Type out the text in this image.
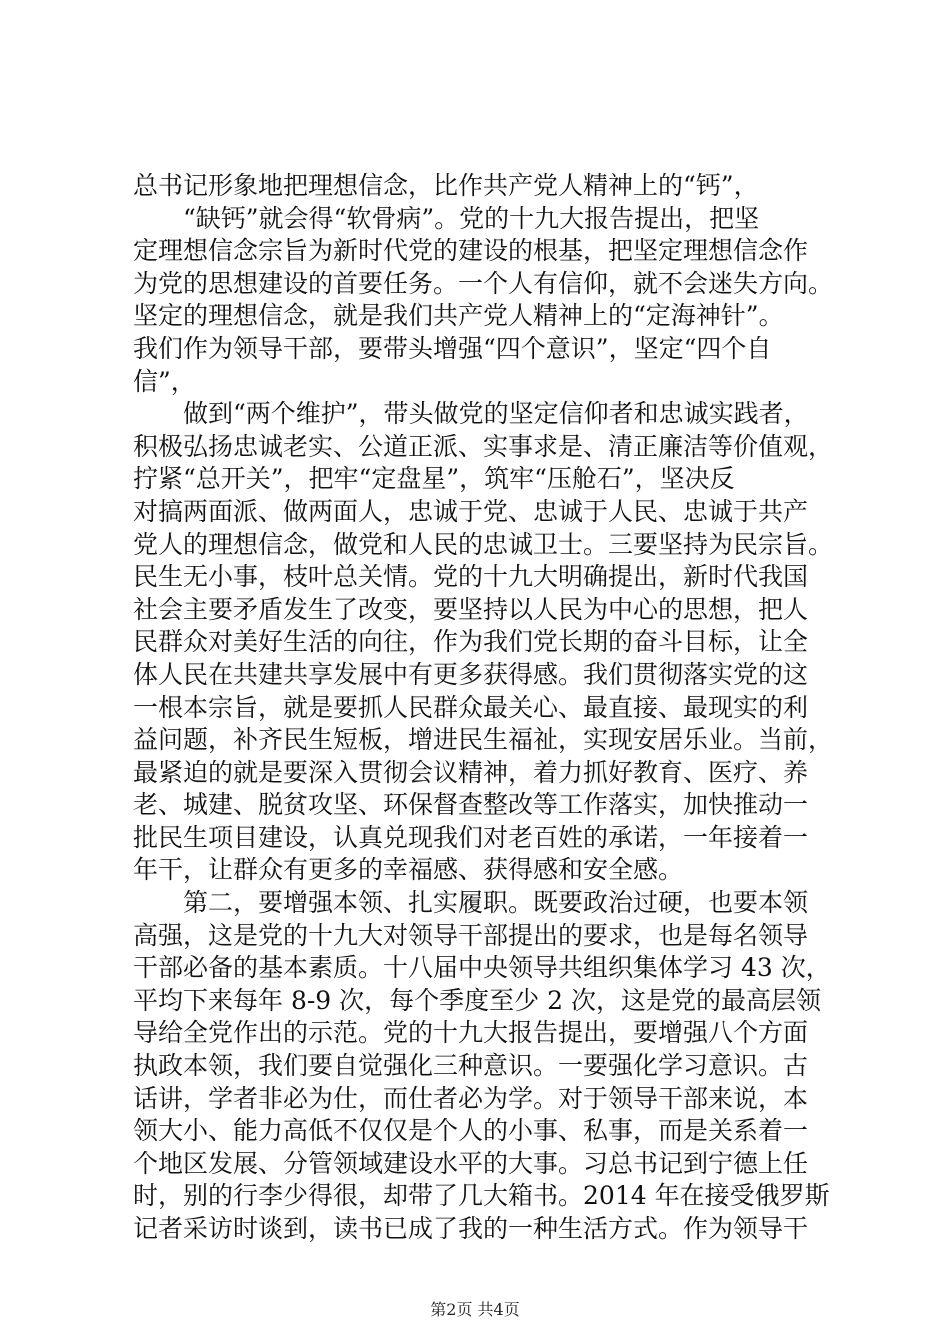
总书记形象地把理想信念，比作共产党人精神上的“钙”，
“缺钙”就会得“软骨病”。党的十九大报告提出，把坚
定理想信念宗旨为新时代党的建设的根基，把坚定理想信念作
为党的思想建设的首要任务。一个人有信仰，就不会迷失方向。
坚定的理想信念，就是我们共产党人精神上的“定海神针”。
我们作为领导干部，要带头增强“四个意识”，坚定“四个自
信”，
做到“两个维护”，带头做党的坚定信仰者和忠诚实践者，
积极弘扬忠诚老实、公道正派、实事求是、清正廉洁等价值观，
拧紧“总开关”，把牢“定盘星”，筑牢“压舱石”，坚决反
对搞两面派、做两面人，忠诚于党、忠诚于人民、忠诚于共产
党人的理想信念，做党和人民的忠诚卫士。三要坚持为民宗旨。
民生无小事，枝叶总关情。党的十九大明确提出，新时代我国
社会主要矛盾发生了改变，要坚持以人民为中心的思想，把人
民群众对美好生活的向往，作为我们党长期的奋斗目标，让全
体人民在共建共享发展中有更多获得感。我们贯彻落实党的这
一根本宗旨，就是要抓人民群众最关心、最直接、最现实的利
益问题，补齐民生短板，增进民生福祉，实现安居乐业。当前，
最紧迫的就是要深入贯彻会议精神，着力抓好教育、医疗、养
老、城建、脱贫攻坚、环保督查整改等工作落实，加快推动一
批民生项目建设，认真兑现我们对老百姓的承诺，一年接着一
年干，让群众有更多的幸福感、获得感和安全感。
第二，要增强本领、扎实履职。既要政治过硬，也要本领
高强，这是党的十九大对领导干部提出的要求，也是每名领导
干部必备的基本素质。十八届中央领导共组织集体学习 43 次，
平均下来每年 8-9 次，每个季度至少 2 次，这是党的最高层领
导给全党作出的示范。党的十九大报告提出，要增强八个方面
执政本领，我们要自觉强化三种意识。一要强化学习意识。古
话讲，学者非必为仕，而仕者必为学。对于领导干部来说，本
领大小、能力高低不仅仅是个人的小事、私事，而是关系着一
个地区发展、分管领域建设水平的大事。习总书记到宁德上任
时，别的行李少得很，却带了几大箱书。2014 年在接受俄罗斯
记者采访时谈到，读书已成了我的一种生活方式。作为领导干
第2页 共4页
